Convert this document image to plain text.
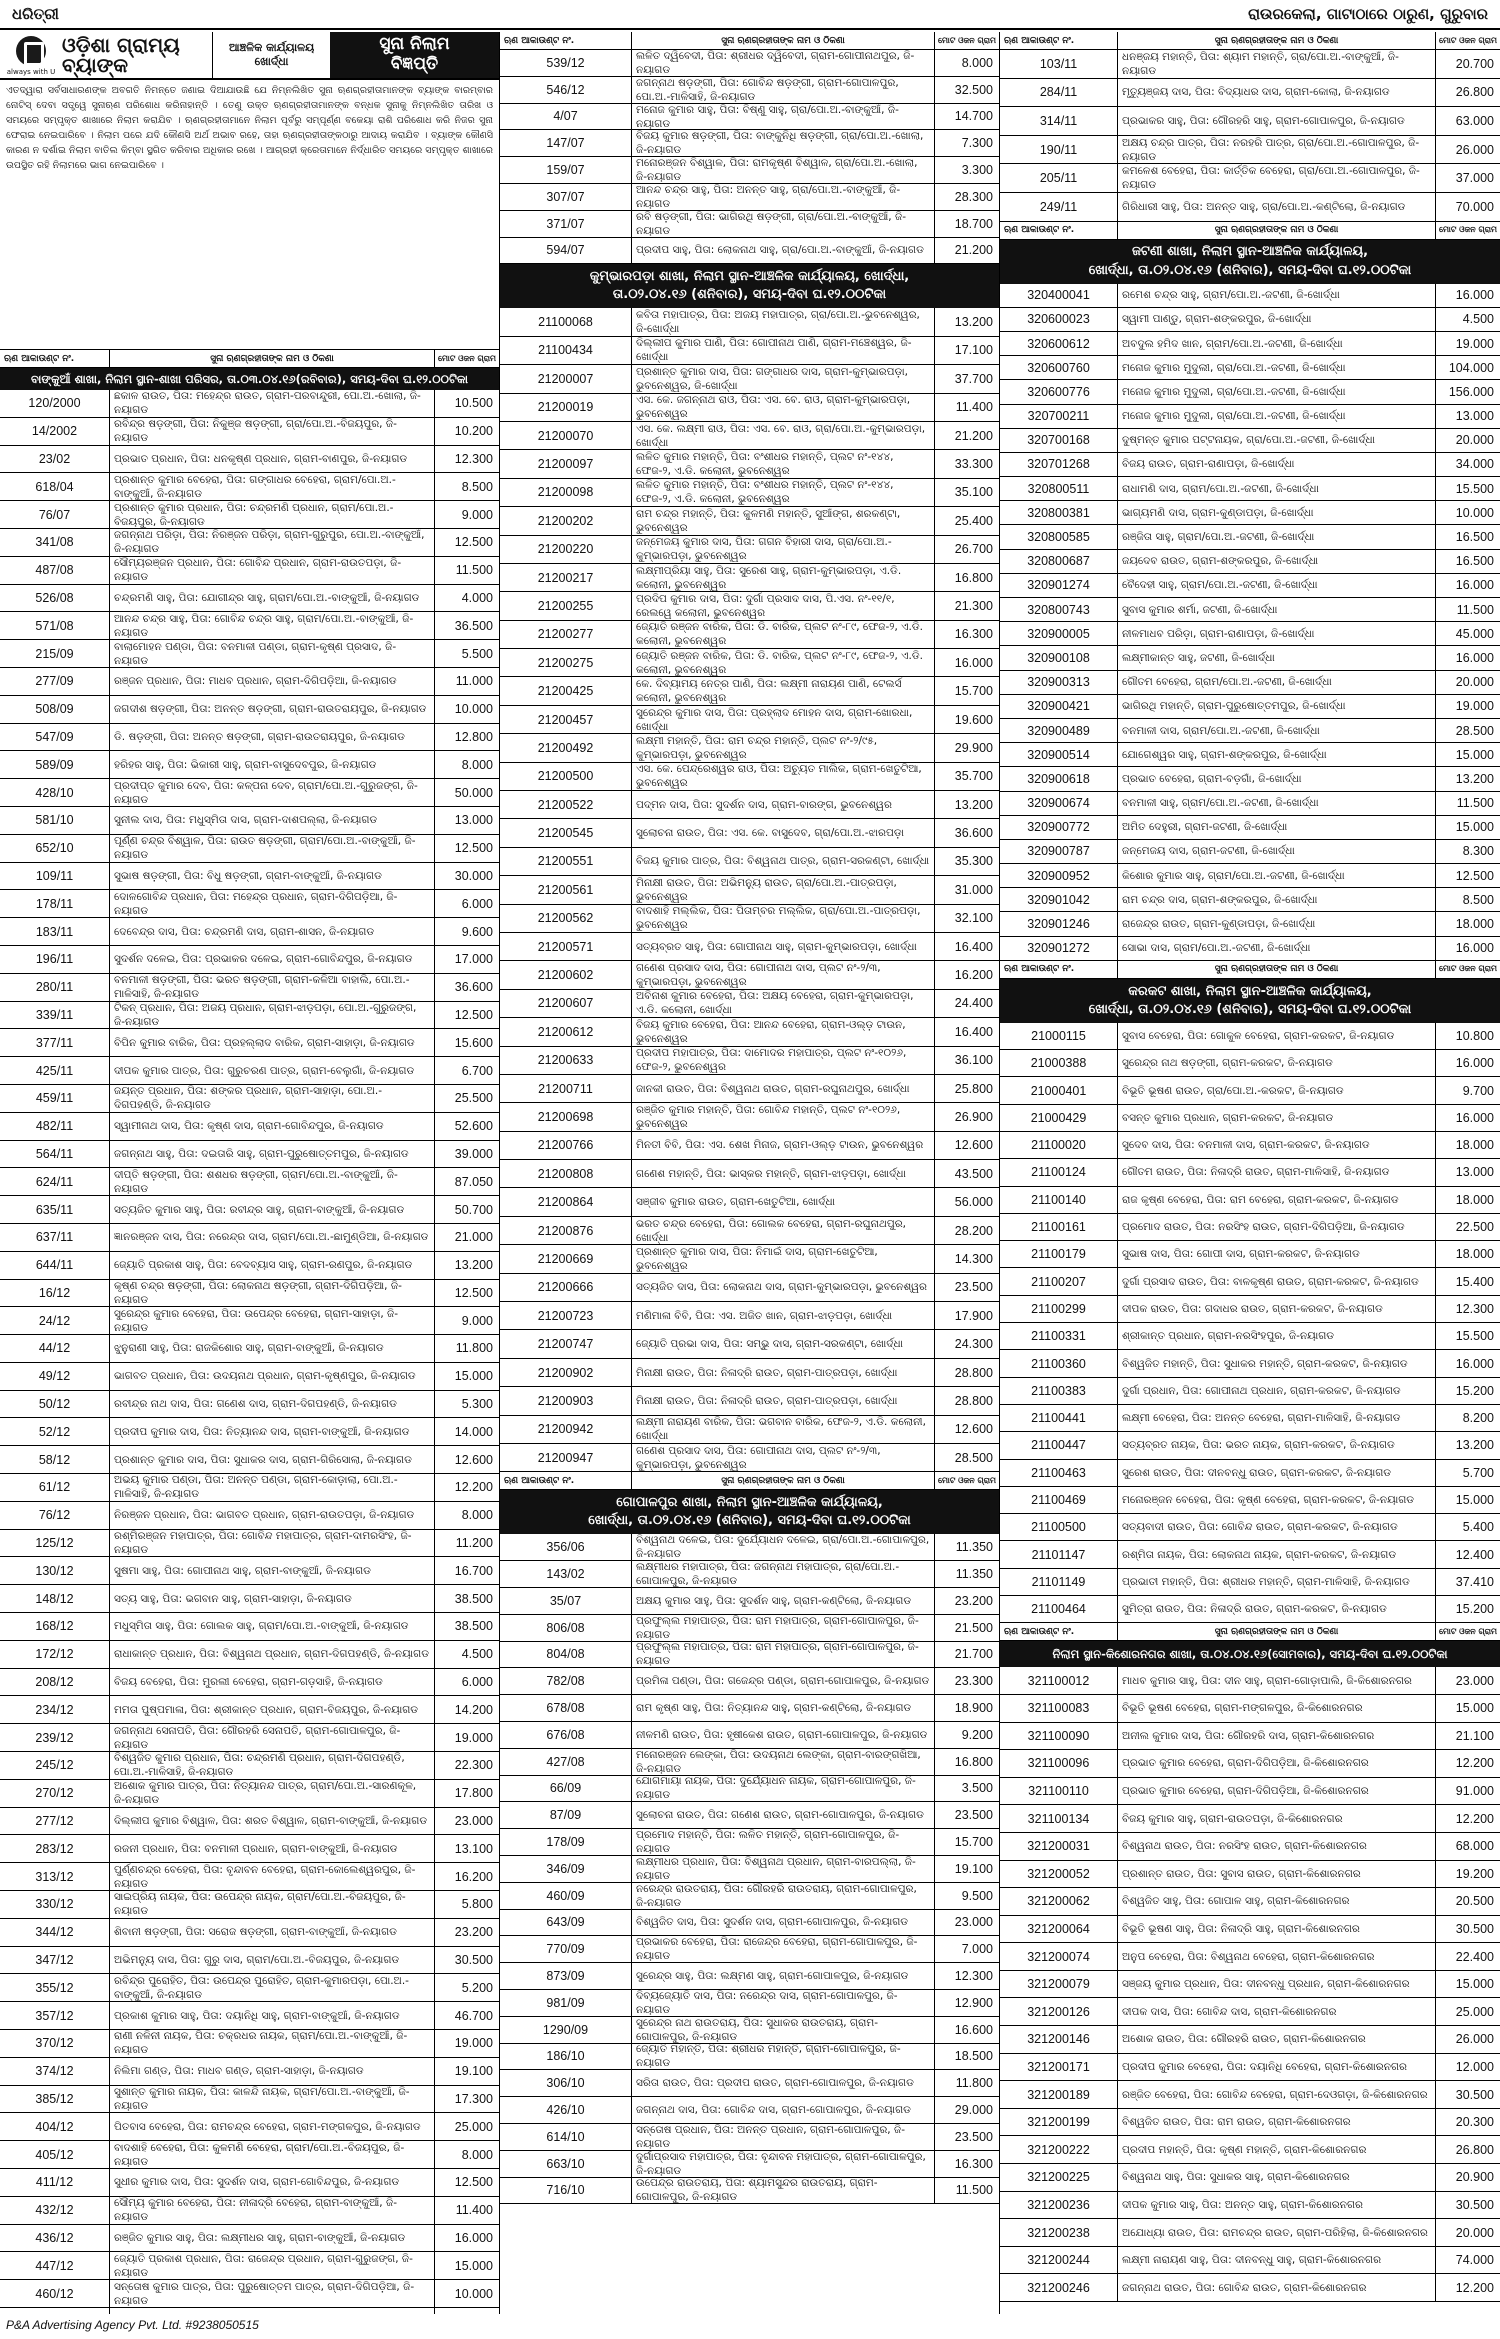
ଧରିତ୍ରୀ	ରାଉରକେଲା, ଗାଟାଠାରେ ଠାରୁଣ, ଗୁରୁବାର
always with U
ଓଡ଼ିଶା ଗ୍ରାମ୍ୟ ବ୍ୟାଙ୍କ
ଆଞ୍ଚଳିକ କାର୍ଯ୍ୟାଳୟ
ଖୋର୍ଦ୍ଧା
ସୁନା ନିଲାମ
ବିଜ୍ଞପ୍ତି
ଏତଦ୍ୱାରା ସର୍ବସାଧାରଣଙ୍କ ଅବଗତି ନିମନ୍ତେ ଜଣାଇ ଦିଆଯାଉଛି ଯେ ନିମ୍ନଲିଖିତ ସୁନା ଋଣଗ୍ରହୀତାମାନଙ୍କ ବ୍ୟାଙ୍କ ବାରମ୍ବାର ନୋଟିସ୍ ଦେବା ସତ୍ତ୍ୱେ ସୁନାଋଣ ପରିଶୋଧ କରିନାହାନ୍ତି । ତେଣୁ ଉକ୍ତ ଋଣଗ୍ରହୀତାମାନଙ୍କ ବନ୍ଧକ ସୁନାକୁ ନିମ୍ନଲିଖିତ ତାରିଖ ଓ ସମୟରେ ସମ୍ପୃକ୍ତ ଶାଖାରେ ନିଲାମ କରାଯିବ । ଋଣଗ୍ରହୀତାମାନେ ନିଲାମ ପୂର୍ବରୁ ସମ୍ପୂର୍ଣ୍ଣ ବକେୟା ରାଶି ପରିଶୋଧ କରି ନିଜର ସୁନା ଫେରାଇ ନେଇପାରିବେ । ନିଲାମ ପରେ ଯଦି କୌଣସି ଅର୍ଥ ଅଭାବ ରହେ, ତାହା ଋଣଗ୍ରହୀତାଙ୍କଠାରୁ ଆଦାୟ କରାଯିବ । ବ୍ୟାଙ୍କ କୌଣସି କାରଣ ନ ଦର୍ଶାଇ ନିଲାମ ବାତିଲ କିମ୍ବା ସ୍ଥଗିତ କରିବାର ଅଧିକାର ରଖେ । ଆଗ୍ରହୀ କ୍ରେତାମାନେ ନିର୍ଦ୍ଧାରିତ ସମୟରେ ସମ୍ପୃକ୍ତ ଶାଖାରେ ଉପସ୍ଥିତ ରହି ନିଲାମରେ ଭାଗ ନେଇପାରିବେ ।
ଋଣ ଆକାଉଣ୍ଟ ନଂ.	ସୁନା ଋଣଗ୍ରହୀତାଙ୍କ ନାମ ଓ ଠିକଣା	ମୋଟ ଓଜନ ଗ୍ରାମ
ବାଙ୍କୁଆଁ ଶାଖା, ନିଲାମ ସ୍ଥାନ-ଶାଖା ପରିସର, ତା.୦୩.୦୪.୧୬(ରବିବାର), ସମୟ-ଦିବା ଘ.୧୨.୦୦ଟିକା
120/2000	ଛକାଳ ରାଉତ, ପିତା: ମହେନ୍ଦ୍ର ରାଉତ, ଗ୍ରାମ-ପରବାନ୍ଦୁରୀ, ପୋ.ଅ.-ଖୋଲା, ଜି-ନୟାଗଡ
10.500
14/2002	ରବିନ୍ଦ୍ର ଷଡ଼ଙ୍ଗୀ, ପିତା: ନିକୁଞ୍ଜ ଷଡ଼ଙ୍ଗୀ, ଗ୍ରା/ପୋ.ଅ.-ବିଜୟପୁର, ଜି-ନୟାଗଡ
10.200
23/02	ପ୍ରଭାତ ପ୍ରଧାନ, ପିତା: ଧନକୃଷ୍ଣ ପ୍ରଧାନ, ଗ୍ରାମ-ବାଣପୁର, ଜି-ନୟାଗଡ	12.300
618/04	ପ୍ରଶାନ୍ତ କୁମାର ବେହେରା, ପିତା: ଗଙ୍ଗାଧର ବେହେରା, ଗ୍ରାମ/ପୋ.ଅ.-ବାଙ୍କୁଆଁ, ଜି-ନୟାଗଡ
8.500
76/07	ପ୍ରଶାନ୍ତ କୁମାର ପ୍ରଧାନ, ପିତା: ଚନ୍ଦ୍ରମଣି ପ୍ରଧାନ, ଗ୍ରାମ/ପୋ.ଅ.-ବିଜୟପୁର, ଜି-ନୟାଗଡ
9.000
341/08	ଜଗନ୍ନାଥ ପରିଡ଼ା, ପିତା: ନିରଞ୍ଜନ ପରିଡ଼ା, ଗ୍ରାମ-ଗୁରୁପୁର, ପୋ.ଅ.-ବାଙ୍କୁଆଁ, ଜି-ନୟାଗଡ
12.500
487/08	ସୌମ୍ୟରଞ୍ଜନ ପ୍ରଧାନ, ପିତା: ଗୋବିନ୍ଦ ପ୍ରଧାନ, ଗ୍ରାମ-ରାଉତପଡ଼ା, ଜି-ନୟାଗଡ
11.500
526/08	ଚନ୍ଦ୍ରମଣି ସାହୁ, ପିତା: ଯୋଗୀନ୍ଦ୍ର ସାହୁ, ଗ୍ରାମ/ପୋ.ଅ.-ବାଙ୍କୁଆଁ, ଜି-ନୟାଗଡ	4.000
571/08	ଆନନ୍ଦ ଚନ୍ଦ୍ର ସାହୁ, ପିତା: ଗୋବିନ୍ଦ ଚନ୍ଦ୍ର ସାହୁ, ଗ୍ରାମ/ପୋ.ଅ.-ବାଙ୍କୁଆଁ, ଜି-ନୟାଗଡ
36.500
215/09	ବାଲାମୋହନ ପଣ୍ଡା, ପିତା: ବନମାଳୀ ପଣ୍ଡା, ଗ୍ରାମ-କୃଷ୍ଣ ପ୍ରସାଦ, ଜି-ନୟାଗଡ
5.500
277/09	ରଞ୍ଜନ ପ୍ରଧାନ, ପିତା: ମାଧବ ପ୍ରଧାନ, ଗ୍ରାମ-ଦିଗିପଡ଼ିଆ, ଜି-ନୟାଗଡ	11.000
508/09	ଜଗଦୀଶ ଷଡ଼ଙ୍ଗୀ, ପିତା: ଅନନ୍ତ ଷଡ଼ଙ୍ଗୀ, ଗ୍ରାମ-ରାଉତରାୟପୁର, ଜି-ନୟାଗଡ	10.000
547/09	ଡି. ଷଡ଼ଙ୍ଗୀ, ପିତା: ଅନନ୍ତ ଷଡ଼ଙ୍ଗୀ, ଗ୍ରାମ-ରାଉତରାୟପୁର, ଜି-ନୟାଗଡ	12.800
589/09	ହରିହର ସାହୁ, ପିତା: ଭିକାରୀ ସାହୁ, ଗ୍ରାମ-ବାସୁଦେବପୁର, ଜି-ନୟାଗଡ	8.000
428/10	ପ୍ରଦୀପ୍ତ କୁମାର ଦେବ, ପିତା: କଳ୍ପନା ଦେବ, ଗ୍ରାମ/ପୋ.ଅ.-ଗୁରୁଜଙ୍ଗ, ଜି-ନୟାଗଡ
50.000
581/10	ସୁନୀଲ ଦାସ, ପିତା: ମଧୁସ୍ମିତା ଦାସ, ଗ୍ରାମ-ଦାଶପଲ୍ଲା, ଜି-ନୟାଗଡ	13.000
652/10	ପୂର୍ଣ୍ଣ ଚନ୍ଦ୍ର ବିଶ୍ୱାଳ, ପିତା: ରାଉତ ଷଡ଼ଙ୍ଗୀ, ଗ୍ରାମ/ପୋ.ଅ.-ବାଙ୍କୁଆଁ, ଜି-ନୟାଗଡ
12.500
109/11	ସୁଭାଷ ଷଡ଼ଙ୍ଗୀ, ପିତା: ବିଧୁ ଷଡ଼ଙ୍ଗୀ, ଗ୍ରାମ-ବାଙ୍କୁଆଁ, ଜି-ନୟାଗଡ	30.000
178/11	ଦୋଳଗୋବିନ୍ଦ ପ୍ରଧାନ, ପିତା: ମହେନ୍ଦ୍ର ପ୍ରଧାନ, ଗ୍ରାମ-ଦିଗିପଡ଼ିଆ, ଜି-ନୟାଗଡ
6.000
183/11	ଦେବେନ୍ଦ୍ର ଦାସ, ପିତା: ଚନ୍ଦ୍ରମଣି ଦାସ, ଗ୍ରାମ-ଶାସନ, ଜି-ନୟାଗଡ	9.600
196/11	ସୁଦର୍ଶନ ଦଳେଇ, ପିତା: ପ୍ରଭାକର ଦଳେଇ, ଗ୍ରାମ-ଗୋବିନ୍ଦପୁର, ଜି-ନୟାଗଡ	17.000
280/11	ବନମାଳୀ ଷଡ଼ଙ୍ଗୀ, ପିତା: ଭରତ ଷଡ଼ଙ୍ଗୀ, ଗ୍ରାମ-କଳିଆ ବାହାଲି, ପୋ.ଅ.-ମାଳିସାହି, ଜି-ନୟାଗଡ
36.600
339/11	ଟିକନ୍ ପ୍ରଧାନ, ପିତା: ଅଜୟ ପ୍ରଧାନ, ଗ୍ରାମ-ଝାଡ଼ପଡ଼ା, ପୋ.ଅ.-ଗୁରୁଜଙ୍ଗ, ଜି-ନୟାଗଡ
12.500
377/11	ବିପିନ କୁମାର ବାରିକ, ପିତା: ପ୍ରହଲ୍ଲାଦ ବାରିକ, ଗ୍ରାମ-ସାହାଡ଼ା, ଜି-ନୟାଗଡ	15.600
425/11	ଦୀପକ କୁମାର ପାତ୍ର, ପିତା: ଗୁରୁଚରଣ ପାତ୍ର, ଗ୍ରାମ-ବେଲୁଗାଁ, ଜି-ନୟାଗଡ	6.700
459/11	ଜୟନ୍ତ ପ୍ରଧାନ, ପିତା: ଶଙ୍କର ପ୍ରଧାନ, ଗ୍ରାମ-ସାହାଡ଼ା, ପୋ.ଅ.-ଦିଗପହଣ୍ଡି, ଜି-ନୟାଗଡ
25.500
482/11	ସ୍ୱାମୀନାଥ ଦାସ, ପିତା: କୃଷ୍ଣ ଦାସ, ଗ୍ରାମ-ଗୋବିନ୍ଦପୁର, ଜି-ନୟାଗଡ	52.600
564/11	ଜଗନ୍ନାଥ ସାହୁ, ପିତା: ଦଇତାରି ସାହୁ, ଗ୍ରାମ-ପୁରୁଷୋତ୍ତମପୁର, ଜି-ନୟାଗଡ	39.000
624/11	ଦୀପ୍ତି ଷଡ଼ଙ୍ଗୀ, ପିତା: ଶଶଧର ଷଡ଼ଙ୍ଗୀ, ଗ୍ରାମ/ପୋ.ଅ.-ବାଙ୍କୁଆଁ, ଜି-ନୟାଗଡ
87.050
635/11	ସତ୍ୟଜିତ କୁମାର ସାହୁ, ପିତା: ରବୀନ୍ଦ୍ର ସାହୁ, ଗ୍ରାମ-ବାଙ୍କୁଆଁ, ଜି-ନୟାଗଡ	50.700
637/11	ଜ୍ଞାନରଞ୍ଜନ ଦାସ, ପିତା: ନରେନ୍ଦ୍ର ଦାସ, ଗ୍ରାମ/ପୋ.ଅ.-ଛାମୁଣ୍ଡିଆ, ଜି-ନୟାଗଡ	21.000
644/11	ଜ୍ୟୋତି ପ୍ରକାଶ ସାହୁ, ପିତା: ବେଦବ୍ୟାସ ସାହୁ, ଗ୍ରାମ-ରଣପୁର, ଜି-ନୟାଗଡ	13.200
16/12	କୃଷ୍ଣ ଚନ୍ଦ୍ର ଷଡ଼ଙ୍ଗୀ, ପିତା: ଲୋକନାଥ ଷଡ଼ଙ୍ଗୀ, ଗ୍ରାମ-ଦିଗିପଡ଼ିଆ, ଜି-ନୟାଗଡ
12.500
24/12	ସୁରେନ୍ଦ୍ର କୁମାର ବେହେରା, ପିତା: ଉପେନ୍ଦ୍ର ବେହେରା, ଗ୍ରାମ-ସାହାଡ଼ା, ଜି-ନୟାଗଡ
9.000
44/12	ଝୁନୁରାଣୀ ସାହୁ, ପିତା: ରାଜକିଶୋର ସାହୁ, ଗ୍ରାମ-ବାଙ୍କୁଆଁ, ଜି-ନୟାଗଡ	11.800
49/12	ଭାଗବତ ପ୍ରଧାନ, ପିତା: ଉଦୟନାଥ ପ୍ରଧାନ, ଗ୍ରାମ-କୃଷ୍ଣପୁର, ଜି-ନୟାଗଡ	15.000
50/12	ରବୀନ୍ଦ୍ର ନାଥ ଦାସ, ପିତା: ଗଣେଶ ଦାସ, ଗ୍ରାମ-ଦିଗପହଣ୍ଡି, ଜି-ନୟାଗଡ	5.300
52/12	ପ୍ରଦୀପ କୁମାର ଦାସ, ପିତା: ନିତ୍ୟାନନ୍ଦ ଦାସ, ଗ୍ରାମ-ବାଙ୍କୁଆଁ, ଜି-ନୟାଗଡ	14.000
58/12	ପ୍ରଶାନ୍ତ କୁମାର ଦାସ, ପିତା: ସୁଧାକର ଦାସ, ଗ୍ରାମ-ଗିରିସୋଲା, ଜି-ନୟାଗଡ	12.600
61/12	ଅଭୟ କୁମାର ପଣ୍ଡା, ପିତା: ଅନନ୍ତ ପଣ୍ଡା, ଗ୍ରାମ-କୋଡ଼ାଲା, ପୋ.ଅ.-ମାଳିସାହି, ଜି-ନୟାଗଡ
12.200
76/12	ନିରଞ୍ଜନ ପ୍ରଧାନ, ପିତା: ଭାଗବତ ପ୍ରଧାନ, ଗ୍ରାମ-ରାଉତପଡ଼ା, ଜି-ନୟାଗଡ	8.000
125/12	ରଶ୍ମିରଞ୍ଜନ ମହାପାତ୍ର, ପିତା: ଗୋବିନ୍ଦ ମହାପାତ୍ର, ଗ୍ରାମ-ଦାମରସିଂହ, ଜି-ନୟାଗଡ
11.200
130/12	ସୁଷମା ସାହୁ, ପିତା: ଗୋପୀନାଥ ସାହୁ, ଗ୍ରାମ-ବାଙ୍କୁଆଁ, ଜି-ନୟାଗଡ	16.700
148/12	ସତ୍ୟ ସାହୁ, ପିତା: ଭଗବାନ ସାହୁ, ଗ୍ରାମ-ସାହାଡ଼ା, ଜି-ନୟାଗଡ	38.500
168/12	ମଧୁସ୍ମିତା ସାହୁ, ପିତା: ଗୋଲକ ସାହୁ, ଗ୍ରାମ/ପୋ.ଅ.-ବାଙ୍କୁଆଁ, ଜି-ନୟାଗଡ	38.500
172/12	ରାଧାକାନ୍ତ ପ୍ରଧାନ, ପିତା: ବିଶ୍ୱନାଥ ପ୍ରଧାନ, ଗ୍ରାମ-ଦିଗପହଣ୍ଡି, ଜି-ନୟାଗଡ	4.500
208/12	ବିଜୟ ବେହେରା, ପିତା: ମୁରଲୀ ବେହେରା, ଗ୍ରାମ-ଗଡ଼ସାହି, ଜି-ନୟାଗଡ	6.000
234/12	ମମତା ପୁଷ୍ପମାଳା, ପିତା: ଶ୍ରୀକାନ୍ତ ପ୍ରଧାନ, ଗ୍ରାମ-ବିଜୟପୁର, ଜି-ନୟାଗଡ	14.200
239/12	ଜଗନ୍ନାଥ ସେନାପତି, ପିତା: ଗୌରହରି ସେନାପତି, ଗ୍ରାମ-ଗୋପାଳପୁର, ଜି-ନୟାଗଡ
19.000
245/12	ବିଶ୍ୱଜିତ କୁମାର ପ୍ରଧାନ, ପିତା: ଚନ୍ଦ୍ରମଣି ପ୍ରଧାନ, ଗ୍ରାମ-ଦିଗପହଣ୍ଡି, ପୋ.ଅ.-ମାଳିସାହି, ଜି-ନୟାଗଡ
22.300
270/12	ଅଶୋକ କୁମାର ପାତ୍ର, ପିତା: ନିତ୍ୟାନନ୍ଦ ପାତ୍ର, ଗ୍ରାମ/ପୋ.ଅ.-ସାରଣକୂଳ, ଜି-ନୟାଗଡ
17.800
277/12	ଦିଲ୍ଲୀପ କୁମାର ବିଶ୍ୱାଳ, ପିତା: ଶରତ ବିଶ୍ୱାଳ, ଗ୍ରାମ-ବାଙ୍କୁଆଁ, ଜି-ନୟାଗଡ	23.000
283/12	ରଜନୀ ପ୍ରଧାନ, ପିତା: ବନମାଳୀ ପ୍ରଧାନ, ଗ୍ରାମ-ବାଙ୍କୁଆଁ, ଜି-ନୟାଗଡ	13.100
313/12	ପୁର୍ଣ୍ଣଚନ୍ଦ୍ର ବେହେରା, ପିତା: ବୃନ୍ଦାବନ ବେହେରା, ଗ୍ରାମ-କୋଲେଶ୍ୱରପୁର, ଜି-ନୟାଗଡ
16.200
330/12	ସାଇପ୍ରିୟ ନାୟକ, ପିତା: ଉପେନ୍ଦ୍ର ନାୟକ, ଗ୍ରାମ/ପୋ.ଅ.-ବିଜୟପୁର, ଜି-ନୟାଗଡ
5.800
344/12	ଶିବାନୀ ଷଡ଼ଙ୍ଗୀ, ପିତା: ସରୋଜ ଷଡ଼ଙ୍ଗୀ, ଗ୍ରାମ-ବାଙ୍କୁଆଁ, ଜି-ନୟାଗଡ	23.200
347/12	ଅଭିମନ୍ୟୁ ଦାସ, ପିତା: ଗୁରୁ ଦାସ, ଗ୍ରାମ/ପୋ.ଅ.-ବିଜୟପୁର, ଜି-ନୟାଗଡ	30.500
355/12	ରବିନ୍ଦ୍ର ପୁରୋହିତ, ପିତା: ଉପେନ୍ଦ୍ର ପୁରୋହିତ, ଗ୍ରାମ-କୁମାରପଡ଼ା, ପୋ.ଅ.-ବାଙ୍କୁଆଁ, ଜି-ନୟାଗଡ
5.200
357/12	ପ୍ରକାଶ କୁମାର ସାହୁ, ପିତା: ଦୟାନିଧି ସାହୁ, ଗ୍ରାମ-ବାଙ୍କୁଆଁ, ଜି-ନୟାଗଡ	46.700
370/12	ରାଣୀ ନଳିନୀ ନାୟକ, ପିତା: ଚକ୍ରଧର ନାୟକ, ଗ୍ରାମ/ପୋ.ଅ.-ବାଙ୍କୁଆଁ, ଜି-ନୟାଗଡ
19.000
374/12	ନିଲିମା ଗଣ୍ଡ, ପିତା: ମାଧବ ଗଣ୍ଡ, ଗ୍ରାମ-ସାହାଡ଼ା, ଜି-ନୟାଗଡ	19.100
385/12	ସୁଶାନ୍ତ କୁମାର ନାୟକ, ପିତା: କାଳନ୍ଦି ନାୟକ, ଗ୍ରାମ/ପୋ.ଅ.-ବାଙ୍କୁଆଁ, ଜି-ନୟାଗଡ
17.300
404/12	ପିତବାସ ବେହେରା, ପିତା: ରାମଚନ୍ଦ୍ର ବେହେରା, ଗ୍ରାମ-ମଙ୍ଗଳପୁର, ଜି-ନୟାଗଡ	25.000
405/12	ବାଦଶାହି ବେହେରା, ପିତା: କୁଳମଣି ବେହେରା, ଗ୍ରାମ/ପୋ.ଅ.-ବିଜୟପୁର, ଜି-ନୟାଗଡ
8.000
411/12	ସୁଧୀର କୁମାର ଦାସ, ପିତା: ସୁଦର୍ଶନ ଦାସ, ଗ୍ରାମ-ଗୋବିନ୍ଦପୁର, ଜି-ନୟାଗଡ	12.500
432/12	ସୌମ୍ୟ କୁମାର ବେହେରା, ପିତା: ନୀଳାଦ୍ରି ବେହେରା, ଗ୍ରାମ-ବାଙ୍କୁଆଁ, ଜି-ନୟାଗଡ
11.400
436/12	ରଞ୍ଜିତ କୁମାର ସାହୁ, ପିତା: ଲକ୍ଷ୍ମୀଧର ସାହୁ, ଗ୍ରାମ-ବାଙ୍କୁଆଁ, ଜି-ନୟାଗଡ	16.000
447/12	ଜ୍ୟୋତି ପ୍ରକାଶ ପ୍ରଧାନ, ପିତା: ରାଜେନ୍ଦ୍ର ପ୍ରଧାନ, ଗ୍ରାମ-ଗୁରୁଜଙ୍ଗ, ଜି-ନୟାଗଡ
15.000
460/12	ସନ୍ତୋଷ କୁମାର ପାତ୍ର, ପିତା: ପୁରୁଷୋତ୍ତମ ପାତ୍ର, ଗ୍ରାମ-ଦିଗିପଡ଼ିଆ, ଜି-ନୟାଗଡ
10.000
ଋଣ ଆକାଉଣ୍ଟ ନଂ.	ସୁନା ଋଣଗ୍ରହୀତାଙ୍କ ନାମ ଓ ଠିକଣା	ମୋଟ ଓଜନ ଗ୍ରାମ
539/12	ଲଳିତ ଦ୍ୱିବେଦୀ, ପିତା: ଶ୍ରୀଧର ଦ୍ୱିବେଦୀ, ଗ୍ରାମ-ଗୋପୀନାଥପୁର, ଜି-ନୟାଗଡ
8.000
546/12	ଜଗନ୍ନାଥ ଷଡ଼ଙ୍ଗୀ, ପିତା: ଗୋବିନ୍ଦ ଷଡ଼ଙ୍ଗୀ, ଗ୍ରାମ-ଗୋପାଳପୁର, ପୋ.ଅ.-ମାଳିସାହି, ଜି-ନୟାଗଡ
32.500
4/07	ମନୋଜ କୁମାର ସାହୁ, ପିତା: ବିଷ୍ଣୁ ସାହୁ, ଗ୍ରା/ପୋ.ଅ.-ବାଙ୍କୁଆଁ, ଜି-ନୟାଗଡ
14.700
147/07	ବିଜୟ କୁମାର ଷଡ଼ଙ୍ଗୀ, ପିତା: ବାଙ୍କୁନିଧି ଷଡ଼ଙ୍ଗୀ, ଗ୍ରା/ପୋ.ଅ.-ଖୋଲା, ଜି-ନୟାଗଡ
7.300
159/07	ମନୋରଞ୍ଜନ ବିଶ୍ୱାଳ, ପିତା: ରାମକୃଷ୍ଣ ବିଶ୍ୱାଳ, ଗ୍ରା/ପୋ.ଅ.-ଖୋଲା, ଜି-ନୟାଗଡ
3.300
307/07	ଆନନ୍ଦ ଚନ୍ଦ୍ର ସାହୁ, ପିତା: ଅନନ୍ତ ସାହୁ, ଗ୍ରା/ପୋ.ଅ.-ବାଙ୍କୁଆଁ, ଜି-ନୟାଗଡ
28.300
371/07	ରବି ଷଡ଼ଙ୍ଗୀ, ପିତା: ଭାଗିରଥି ଷଡ଼ଙ୍ଗୀ, ଗ୍ରା/ପୋ.ଅ.-ବାଙ୍କୁଆଁ, ଜି-ନୟାଗଡ
18.700
594/07	ପ୍ରଦୀପ ସାହୁ, ପିତା: ଲୋକନାଥ ସାହୁ, ଗ୍ରା/ପୋ.ଅ.-ବାଙ୍କୁଆଁ, ଜି-ନୟାଗଡ	21.200
କୁମ୍ଭାରପଡ଼ା ଶାଖା, ନିଲାମ ସ୍ଥାନ-ଆଞ୍ଚଳିକ କାର୍ଯ୍ୟାଳୟ, ଖୋର୍ଦ୍ଧା,
ତା.୦୨.୦୪.୧୬ (ଶନିବାର), ସମୟ-ଦିବା ଘ.୧୨.୦୦ଟିକା
21100068	କବିତା ମହାପାତ୍ର, ପିତା: ଅଜୟ ମହାପାତ୍ର, ଗ୍ରା/ପୋ.ଅ.-ଭୁବନେଶ୍ୱର, ଜି-ଖୋର୍ଦ୍ଧା
13.200
21100434	ଦିଲ୍ଲୀପ କୁମାର ପାଣି, ପିତା: ଗୋପୀନାଥ ପାଣି, ଗ୍ରାମ-ମଞ୍ଚେଶ୍ୱର, ଜି-ଖୋର୍ଦ୍ଧା
17.100
21200007	ପ୍ରଶାନ୍ତ କୁମାର ଦାସ, ପିତା: ଗଙ୍ଗାଧର ଦାସ, ଗ୍ରାମ-କୁମ୍ଭାରପଡ଼ା, ଭୁବନେଶ୍ୱର, ଜି-ଖୋର୍ଦ୍ଧା
37.700
21200019	ଏସ. କେ. ଜଗନ୍ନାଥ ରାଓ, ପିତା: ଏସ. ବେ. ରାଓ, ଗ୍ରାମ-କୁମ୍ଭାରପଡ଼ା, ଭୁବନେଶ୍ୱର
11.400
21200070	ଏସ. କେ. ଲକ୍ଷ୍ମୀ ରାଓ, ପିତା: ଏସ. ବେ. ରାଓ, ଗ୍ରା/ପୋ.ଅ.-କୁମ୍ଭାରପଡ଼ା, ଖୋର୍ଦ୍ଧା
21.200
21200097	ଲଳିତ କୁମାର ମହାନ୍ତି, ପିତା: ବଂଶୀଧର ମହାନ୍ତି, ପ୍ଲଟ ନଂ-୧୪୪, ଫେଜ-୨, ଏ.ଡି. କଲୋନୀ, ଭୁବନେଶ୍ୱର
33.300
21200098	ଲଳିତ କୁମାର ମହାନ୍ତି, ପିତା: ବଂଶୀଧର ମହାନ୍ତି, ପ୍ଲଟ ନଂ-୧୪୪, ଫେଜ-୨, ଏ.ଡି. କଲୋନୀ, ଭୁବନେଶ୍ୱର
35.100
21200202	ରାମ ଚନ୍ଦ୍ର ମହାନ୍ତି, ପିତା: କୁଳମଣି ମହାନ୍ତି, ସୁଆଁଙ୍ଗ, ଶରକଣ୍ଟା, ଭୁବନେଶ୍ୱର
25.400
21200220	ଜନ୍ମେଜୟ କୁମାର ଦାସ, ପିତା: ଗଗନ ବିହାରୀ ଦାସ, ଗ୍ରା/ପୋ.ଅ.-କୁମ୍ଭାରପଡ଼ା, ଭୁବନେଶ୍ୱର
26.700
21200217	ଲକ୍ଷ୍ମୀପ୍ରିୟା ସାହୁ, ପିତା: ସୁରେଶ ସାହୁ, ଗ୍ରାମ-କୁମ୍ଭାରପଡ଼ା, ଏ.ଡି. କଲୋନୀ, ଭୁବନେଶ୍ୱର
16.800
21200255	ପ୍ରଦିପ କୁମାର ଦାସ, ପିତା: ଦୁର୍ଗା ପ୍ରସାଦ ଦାସ, ପି.ଏସ. ନଂ-୧୧/୧, ରେଲୱେ କଲୋନୀ, ଭୁବନେଶ୍ୱର
21.300
21200277	ଜ୍ୟୋତି ରଞ୍ଜନ ବାରିକ, ପିତା: ଡି. ବାରିକ, ପ୍ଲଟ ନଂ-୮୯, ଫେଜ-୨, ଏ.ଡି. କଲୋନୀ, ଭୁବନେଶ୍ୱର
16.300
21200275	ଜ୍ୟୋତି ରଞ୍ଜନ ବାରିକ, ପିତା: ଡି. ବାରିକ, ପ୍ଲଟ ନଂ-୮୯, ଫେଜ-୨, ଏ.ଡି. କଲୋନୀ, ଭୁବନେଶ୍ୱର
16.000
21200425	କେ. ଦିବ୍ୟାମୟ ନେତ୍ର ପାଣି, ପିତା: ଲକ୍ଷ୍ମୀ ନାରାୟଣ ପାଣି, ଟେଲର୍ସ କଲୋନୀ, ଭୁବନେଶ୍ୱର
15.700
21200457	ସୁରେନ୍ଦ୍ର କୁମାର ଦାସ, ପିତା: ପ୍ରହ୍ଲାଦ ମୋହନ ଦାସ, ଗ୍ରାମ-ଖୋରଧା, ଖୋର୍ଦ୍ଧା
19.600
21200492	ଲକ୍ଷ୍ମୀ ମହାନ୍ତି, ପିତା: ରାମ ଚନ୍ଦ୍ର ମହାନ୍ତି, ପ୍ଲଟ ନଂ-୨/୯୫, କୁମ୍ଭାରପଡ଼ା, ଭୁବନେଶ୍ୱର
29.900
21200500	ଏସ. କେ. ପେନ୍ଦ୍ରେଶ୍ୱର ରାଓ, ପିତା: ଅଚ୍ୟୁତ ମାଲିକ, ଗ୍ରାମ-ଖେତୁଟିଆ, ଭୁବନେଶ୍ୱର
35.700
21200522	ପଦ୍ମନ ଦାସ, ପିତା: ସୁଦର୍ଶନ ଦାସ, ଗ୍ରାମ-ବାରଙ୍ଗ, ଭୁବନେଶ୍ୱର	13.200
21200545	ସୁଲୋଚନା ରାଉତ, ପିତା: ଏସ. କେ. ବାସୁଦେବ, ଗ୍ରା/ପୋ.ଅ.-ଝାରପଡ଼ା	36.600
21200551	ବିଜୟ କୁମାର ପାତ୍ର, ପିତା: ବିଶ୍ୱନାଥ ପାତ୍ର, ଗ୍ରାମ-ସରକଣ୍ଟା, ଖୋର୍ଦ୍ଧା	35.300
21200561	ମିନାକ୍ଷୀ ରାଉତ, ପିତା: ଅଭିମନ୍ୟୁ ରାଉତ, ଗ୍ରା/ପୋ.ଅ.-ପାତ୍ରପଡ଼ା, ଭୁବନେଶ୍ୱର
31.000
21200562	ବାଦଶାହି ମଲ୍ଲିକ, ପିତା: ପିତାମ୍ବର ମଲ୍ଲିକ, ଗ୍ରା/ପୋ.ଅ.-ପାତ୍ରପଡ଼ା, ଭୁବନେଶ୍ୱର
32.100
21200571	ସତ୍ୟବ୍ରତ ସାହୁ, ପିତା: ଗୋପୀନାଥ ସାହୁ, ଗ୍ରାମ-କୁମ୍ଭାରପଡ଼ା, ଖୋର୍ଦ୍ଧା	16.400
21200602	ଗଣେଶ ପ୍ରସାଦ ଦାସ, ପିତା: ଗୋପୀନାଥ ଦାସ, ପ୍ଲଟ ନଂ-୨/୩, କୁମ୍ଭାରପଡ଼ା, ଭୁବନେଶ୍ୱର
16.200
21200607	ଅବିନାଶ କୁମାର ବେହେରା, ପିତା: ଅକ୍ଷୟ ବେହେରା, ଗ୍ରାମ-କୁମ୍ଭାରପଡ଼ା, ଏ.ଡି. କଲୋନୀ, ଖୋର୍ଦ୍ଧା
24.400
21200612	ବିଜୟ କୁମାର ବେହେରା, ପିତା: ଆନନ୍ଦ ବେହେରା, ଗ୍ରାମ-ଓଲ୍ଡ଼ ଟାଉନ, ଭୁବନେଶ୍ୱର
16.400
21200633	ପ୍ରଦୀପ ମହାପାତ୍ର, ପିତା: ଦାମୋଦର ମହାପାତ୍ର, ପ୍ଲଟ ନଂ-୧୦୨୬, ଫେଜ-୨, ଭୁବନେଶ୍ୱର
36.100
21200711	ଜାନକୀ ରାଉତ, ପିତା: ବିଶ୍ୱନାଥ ରାଉତ, ଗ୍ରାମ-ରଘୁନାଥପୁର, ଖୋର୍ଦ୍ଧା	25.800
21200698	ରଞ୍ଜିତ କୁମାର ମହାନ୍ତି, ପିତା: ଗୋବିନ୍ଦ ମହାନ୍ତି, ପ୍ଲଟ ନଂ-୧୦୨୬, ଭୁବନେଶ୍ୱର
26.900
21200766	ମିନତୀ ବିବି, ପିତା: ଏସ. ଶେଖ ମିନାଜ, ଗ୍ରାମ-ଓଲ୍ଡ଼ ଟାଉନ, ଭୁବନେଶ୍ୱର	12.600
21200808	ଗଣେଶ ମହାନ୍ତି, ପିତା: ଭାସ୍କର ମହାନ୍ତି, ଗ୍ରାମ-ଝାଡ଼ପଡ଼ା, ଖୋର୍ଦ୍ଧା	43.500
21200864	ସଞ୍ଜୀବ କୁମାର ରାଉତ, ଗ୍ରାମ-ଖେତୁଟିଆ, ଖୋର୍ଦ୍ଧା	56.000
21200876	ଭରତ ଚନ୍ଦ୍ର ବେହେରା, ପିତା: ଗୋଲକ ବେହେରା, ଗ୍ରାମ-ରଘୁନାଥପୁର, ଖୋର୍ଦ୍ଧା
28.200
21200669	ପ୍ରଶାନ୍ତ କୁମାର ଦାସ, ପିତା: ନିମାଇଁ ଦାସ, ଗ୍ରାମ-ଖେତୁଟିଆ, ଭୁବନେଶ୍ୱର
14.300
21200666	ସତ୍ୟଜିତ ଦାସ, ପିତା: ଲୋକନାଥ ଦାସ, ଗ୍ରାମ-କୁମ୍ଭାରପଡ଼ା, ଭୁବନେଶ୍ୱର	23.500
21200723	ମଣିମାଳା ବିବି, ପିତା: ଏସ. ଅଜିତ ଖାନ, ଗ୍ରାମ-ଝାଡ଼ପଡ଼ା, ଖୋର୍ଦ୍ଧା	17.900
21200747	ଜ୍ୟୋତି ପ୍ରଭା ଦାସ, ପିତା: ସମ୍ଭୁ ଦାସ, ଗ୍ରାମ-ସରକଣ୍ଟା, ଖୋର୍ଦ୍ଧା	24.300
21200902	ମିନାକ୍ଷୀ ରାଉତ, ପିତା: ନିଳାଦ୍ରି ରାଉତ, ଗ୍ରାମ-ପାତ୍ରପଡ଼ା, ଖୋର୍ଦ୍ଧା	28.800
21200903	ମିନାକ୍ଷୀ ରାଉତ, ପିତା: ନିଳାଦ୍ରି ରାଉତ, ଗ୍ରାମ-ପାତ୍ରପଡ଼ା, ଖୋର୍ଦ୍ଧା	28.800
21200942	ଲକ୍ଷ୍ମୀ ନାରାୟଣ ବାରିକ, ପିତା: ଭଗବାନ ବାରିକ, ଫେଜ-୨, ଏ.ଡି. କଲୋନୀ, ଖୋର୍ଦ୍ଧା
12.600
21200947	ଗଣେଶ ପ୍ରସାଦ ଦାସ, ପିତା: ଗୋପୀନାଥ ଦାସ, ପ୍ଲଟ ନଂ-୨/୩, କୁମ୍ଭାରପଡ଼ା, ଭୁବନେଶ୍ୱର
28.500
ଋଣ ଆକାଉଣ୍ଟ ନଂ.	ସୁନା ଋଣଗ୍ରହୀତାଙ୍କ ନାମ ଓ ଠିକଣା	ମୋଟ ଓଜନ ଗ୍ରାମ
ଗୋପାଳପୁର ଶାଖା, ନିଲାମ ସ୍ଥାନ-ଆଞ୍ଚଳିକ କାର୍ଯ୍ୟାଳୟ,
ଖୋର୍ଦ୍ଧା, ତା.୦୨.୦୪.୧୬ (ଶନିବାର), ସମୟ-ଦିବା ଘ.୧୨.୦୦ଟିକା
356/06	ବିଶ୍ୱନାଥ ଦଳେଇ, ପିତା: ଦୁର୍ଯ୍ୟୋଧନ ଦଳେଇ, ଗ୍ରା/ପୋ.ଅ.-ଗୋପାଳପୁର, ଜି-ନୟାଗଡ
11.350
143/02	ଲକ୍ଷ୍ମୀଧର ମହାପାତ୍ର, ପିତା: ଜଗନ୍ନାଥ ମହାପାତ୍ର, ଗ୍ରା/ପୋ.ଅ.-ଗୋପାଳପୁର, ଜି-ନୟାଗଡ
11.350
35/07	ଅକ୍ଷୟ କୁମାର ସାହୁ, ପିତା: ସୁଦର୍ଶନ ସାହୁ, ଗ୍ରାମ-କଣ୍ଟିଲୋ, ଜି-ନୟାଗଡ	23.200
806/08	ପ୍ରଫୁଲ୍ଲ ମହାପାତ୍ର, ପିତା: ରାମ ମହାପାତ୍ର, ଗ୍ରାମ-ଗୋପାଳପୁର, ଜି-ନୟାଗଡ
21.500
804/08	ପ୍ରଫୁଲ୍ଲ ମହାପାତ୍ର, ପିତା: ରାମ ମହାପାତ୍ର, ଗ୍ରାମ-ଗୋପାଳପୁର, ଜି-ନୟାଗଡ
21.700
782/08	ପ୍ରମିଳା ପଣ୍ଡା, ପିତା: ଗଜେନ୍ଦ୍ର ପଣ୍ଡା, ଗ୍ରାମ-ଗୋପାଳପୁର, ଜି-ନୟାଗଡ	23.300
678/08	ରାମ କୃଷ୍ଣ ସାହୁ, ପିତା: ନିତ୍ୟାନନ୍ଦ ସାହୁ, ଗ୍ରାମ-କଣ୍ଟିଲୋ, ଜି-ନୟାଗଡ	18.900
676/08	ନୀଳମଣି ରାଉତ, ପିତା: ହୃଷୀକେଶ ରାଉତ, ଗ୍ରାମ-ଗୋପାଳପୁର, ଜି-ନୟାଗଡ	9.200
427/08	ମନୋରଞ୍ଜନ ଲେଙ୍କା, ପିତା: ଉଦୟନାଥ ଲେଙ୍କା, ଗ୍ରାମ-ବାରଙ୍ଗଖିଆ, ଜି-ନୟାଗଡ
16.800
66/09	ଯୋଗମାୟା ନାୟକ, ପିତା: ଦୁର୍ଯ୍ୟୋଧନ ନାୟକ, ଗ୍ରାମ-ଗୋପାଳପୁର, ଜି-ନୟାଗଡ
3.500
87/09	ସୁଲୋଚନା ରାଉତ, ପିତା: ଗଣେଶ ରାଉତ, ଗ୍ରାମ-ଗୋପାଳପୁର, ଜି-ନୟାଗଡ	23.500
178/09	ପ୍ରମୋଦ ମହାନ୍ତି, ପିତା: ଲଳିତ ମହାନ୍ତି, ଗ୍ରାମ-ଗୋପାଳପୁର, ଜି-ନୟାଗଡ
15.700
346/09	ଲକ୍ଷ୍ମୀଧର ପ୍ରଧାନ, ପିତା: ବିଶ୍ୱନାଥ ପ୍ରଧାନ, ଗ୍ରାମ-ବାରପଲ୍ଲା, ଜି-ନୟାଗଡ
19.100
460/09	ନରେନ୍ଦ୍ର ରାଉତରାୟ, ପିତା: ଗୌରହରି ରାଉତରାୟ, ଗ୍ରାମ-ଗୋପାଳପୁର, ଜି-ନୟାଗଡ
9.500
643/09	ବିଶ୍ୱଜିତ ଦାସ, ପିତା: ସୁଦର୍ଶନ ଦାସ, ଗ୍ରାମ-ଗୋପାଳପୁର, ଜି-ନୟାଗଡ	23.000
770/09	ପ୍ରଭାକର ବେହେରା, ପିତା: ରାଜେନ୍ଦ୍ର ବେହେରା, ଗ୍ରାମ-ଗୋପାଳପୁର, ଜି-ନୟାଗଡ
7.000
873/09	ସୁରେନ୍ଦ୍ର ସାହୁ, ପିତା: ଲକ୍ଷ୍ମଣ ସାହୁ, ଗ୍ରାମ-ଗୋପାଳପୁର, ଜି-ନୟାଗଡ	12.300
981/09	ଦିବ୍ୟଜ୍ୟୋତି ଦାସ, ପିତା: ନରେନ୍ଦ୍ର ଦାସ, ଗ୍ରାମ-ଗୋପାଳପୁର, ଜି-ନୟାଗଡ
12.900
1290/09	ସୁରେନ୍ଦ୍ର ନାଥ ରାଉତରାୟ, ପିତା: ସୁଧାକର ରାଉତରାୟ, ଗ୍ରାମ-ଗୋପାଳପୁର, ଜି-ନୟାଗଡ
16.600
186/10	ଜ୍ୟୋତି ମହାନ୍ତି, ପିତା: ଶ୍ରୀଧର ମହାନ୍ତି, ଗ୍ରାମ-ଗୋପାଳପୁର, ଜି-ନୟାଗଡ
18.500
306/10	ସରିତା ରାଉତ, ପିତା: ପ୍ରଦୀପ ରାଉତ, ଗ୍ରାମ-ଗୋପାଳପୁର, ଜି-ନୟାଗଡ	11.800
426/10	ଜଗନ୍ନାଥ ଦାସ, ପିତା: ଗୋବିନ୍ଦ ଦାସ, ଗ୍ରାମ-ଗୋପାଳପୁର, ଜି-ନୟାଗଡ	29.000
614/10	ସନ୍ତୋଷ ପ୍ରଧାନ, ପିତା: ଅନନ୍ତ ପ୍ରଧାନ, ଗ୍ରାମ-ଗୋପାଳପୁର, ଜି-ନୟାଗଡ
23.500
663/10	ଦୁର୍ଗାପ୍ରସାଦ ମହାପାତ୍ର, ପିତା: ବୃନ୍ଦାବନ ମହାପାତ୍ର, ଗ୍ରାମ-ଗୋପାଳପୁର, ଜି-ନୟାଗଡ
16.300
716/10	ଉପେନ୍ଦ୍ର ରାଉତରାୟ, ପିତା: ଶ୍ୟାମସୁନ୍ଦର ରାଉତରାୟ, ଗ୍ରାମ-ଗୋପାଳପୁର, ଜି-ନୟାଗଡ
11.500
ଋଣ ଆକାଉଣ୍ଟ ନଂ.	ସୁନା ଋଣଗ୍ରହୀତାଙ୍କ ନାମ ଓ ଠିକଣା	ମୋଟ ଓଜନ ଗ୍ରାମ
103/11	ଧନଞ୍ଜୟ ମହାନ୍ତି, ପିତା: ଶ୍ୟାମ ମହାନ୍ତି, ଗ୍ରା/ପୋ.ଅ.-ବାଙ୍କୁଆଁ, ଜି-ନୟାଗଡ	20.700
284/11	ମୃତ୍ୟୁଞ୍ଜୟ ଦାସ, ପିତା: ବିଦ୍ୟାଧର ଦାସ, ଗ୍ରାମ-କୋଲା, ଜି-ନୟାଗଡ	26.800
314/11	ପ୍ରଭାକର ସାହୁ, ପିତା: ଗୌରହରି ସାହୁ, ଗ୍ରାମ-ଗୋପାଳପୁର, ଜି-ନୟାଗଡ	63.000
190/11	ଅକ୍ଷୟ ଚନ୍ଦ୍ର ପାତ୍ର, ପିତା: ନରହରି ପାତ୍ର, ଗ୍ରା/ପୋ.ଅ.-ଗୋପାଳପୁର, ଜି-ନୟାଗଡ	26.000
205/11	କମଳେଶ ବେହେରା, ପିତା: କାର୍ତ୍ତିକ ବେହେରା, ଗ୍ରା/ପୋ.ଅ.-ଗୋପାଳପୁର, ଜି-ନୟାଗଡ	37.000
249/11	ଗିରିଧାରୀ ସାହୁ, ପିତା: ଅନନ୍ତ ସାହୁ, ଗ୍ରା/ପୋ.ଅ.-କଣ୍ଟିଲୋ, ଜି-ନୟାଗଡ	70.000
ଋଣ ଆକାଉଣ୍ଟ ନଂ.	ସୁନା ଋଣଗ୍ରହୀତାଙ୍କ ନାମ ଓ ଠିକଣା	ମୋଟ ଓଜନ ଗ୍ରାମ
ଜଟଣୀ ଶାଖା, ନିଲାମ ସ୍ଥାନ-ଆଞ୍ଚଳିକ କାର୍ଯ୍ୟାଳୟ,
ଖୋର୍ଦ୍ଧା, ତା.୦୨.୦୪.୧୬ (ଶନିବାର), ସମୟ-ଦିବା ଘ.୧୨.୦୦ଟିକା
320400041	ରମେଶ ଚନ୍ଦ୍ର ସାହୁ, ଗ୍ରାମ/ପୋ.ଅ.-ଜଟଣୀ, ଜି-ଖୋର୍ଦ୍ଧା	16.000
320600023	ସ୍ୱାମୀ ପାଣ୍ଡୁ, ଗ୍ରାମ-ଶଙ୍କରପୁର, ଜି-ଖୋର୍ଦ୍ଧା	4.500
320600612	ଅବଦୁଲ ହମିଦ ଖାନ, ଗ୍ରାମ/ପୋ.ଅ.-ଜଟଣୀ, ଜି-ଖୋର୍ଦ୍ଧା	19.000
320600760	ମନୋଜ କୁମାର ମୁଦୁଲୀ, ଗ୍ରା/ପୋ.ଅ.-ଜଟଣୀ, ଜି-ଖୋର୍ଦ୍ଧା	104.000
320600776	ମନୋଜ କୁମାର ମୁଦୁଲୀ, ଗ୍ରା/ପୋ.ଅ.-ଜଟଣୀ, ଜି-ଖୋର୍ଦ୍ଧା	156.000
320700211	ମନୋଜ କୁମାର ମୁଦୁଲୀ, ଗ୍ରା/ପୋ.ଅ.-ଜଟଣୀ, ଜି-ଖୋର୍ଦ୍ଧା	13.000
320700168	ଦୁଷ୍ମନ୍ତ କୁମାର ପଟ୍ଟନାୟକ, ଗ୍ରା/ପୋ.ଅ.-ଜଟଣୀ, ଜି-ଖୋର୍ଦ୍ଧା	20.000
320701268	ବିଜୟ ରାଉତ, ଗ୍ରାମ-ରାଣାପଡ଼ା, ଜି-ଖୋର୍ଦ୍ଧା	34.000
320800511	ରାଧାମଣି ଦାସ, ଗ୍ରାମ/ପୋ.ଅ.-ଜଟଣୀ, ଜି-ଖୋର୍ଦ୍ଧା	15.500
320800381	ଭାଗ୍ୟମଣି ଦାସ, ଗ୍ରାମ-କୁଣ୍ଡାପଡ଼ା, ଜି-ଖୋର୍ଦ୍ଧା	10.000
320800585	ରଞ୍ଜିତା ସାହୁ, ଗ୍ରାମ/ପୋ.ଅ.-ଜଟଣୀ, ଜି-ଖୋର୍ଦ୍ଧା	16.500
320800687	ଜୟଦେବ ରାଉତ, ଗ୍ରାମ-ଶଙ୍କରପୁର, ଜି-ଖୋର୍ଦ୍ଧା	16.500
320901274	ବୈଦେହୀ ସାହୁ, ଗ୍ରାମ/ପୋ.ଅ.-ଜଟଣୀ, ଜି-ଖୋର୍ଦ୍ଧା	16.000
320800743	ସୁବାସ କୁମାର ଶର୍ମା, ଜଟଣୀ, ଜି-ଖୋର୍ଦ୍ଧା	11.500
320900005	ନୀଳମାଧବ ପରିଡ଼ା, ଗ୍ରାମ-ରାଣାପଡ଼ା, ଜି-ଖୋର୍ଦ୍ଧା	45.000
320900108	ଲକ୍ଷ୍ମୀକାନ୍ତ ସାହୁ, ଜଟଣୀ, ଜି-ଖୋର୍ଦ୍ଧା	16.000
320900313	ଗୌତମ ବେହେରା, ଗ୍ରାମ/ପୋ.ଅ.-ଜଟଣୀ, ଜି-ଖୋର୍ଦ୍ଧା	20.000
320900421	ଭାଗିରଥି ମହାନ୍ତି, ଗ୍ରାମ-ପୁରୁଷୋତ୍ତମପୁର, ଜି-ଖୋର୍ଦ୍ଧା	19.000
320900489	ବନମାଳୀ ଦାସ, ଗ୍ରାମ/ପୋ.ଅ.-ଜଟଣୀ, ଜି-ଖୋର୍ଦ୍ଧା	28.500
320900514	ଯୋଗେଶ୍ୱର ସାହୁ, ଗ୍ରାମ-ଶଙ୍କରପୁର, ଜି-ଖୋର୍ଦ୍ଧା	15.000
320900618	ପ୍ରଭାତ ବେହେରା, ଗ୍ରାମ-ବଡ଼ଗାଁ, ଜି-ଖୋର୍ଦ୍ଧା	13.200
320900674	ବନମାଳୀ ସାହୁ, ଗ୍ରାମ/ପୋ.ଅ.-ଜଟଣୀ, ଜି-ଖୋର୍ଦ୍ଧା	11.500
320900772	ଅମିତ ଦେହୁରୀ, ଗ୍ରାମ-ଜଟଣୀ, ଜି-ଖୋର୍ଦ୍ଧା	15.000
320900787	ଜନ୍ମେଜୟ ଦାସ, ଗ୍ରାମ-ଜଟଣୀ, ଜି-ଖୋର୍ଦ୍ଧା	8.300
320900952	କିଶୋର କୁମାର ସାହୁ, ଗ୍ରାମ/ପୋ.ଅ.-ଜଟଣୀ, ଜି-ଖୋର୍ଦ୍ଧା	12.500
320901042	ରାମ ଚନ୍ଦ୍ର ଦାସ, ଗ୍ରାମ-ଶଙ୍କରପୁର, ଜି-ଖୋର୍ଦ୍ଧା	8.500
320901246	ରାଜେନ୍ଦ୍ର ରାଉତ, ଗ୍ରାମ-କୁଣ୍ଡାପଡ଼ା, ଜି-ଖୋର୍ଦ୍ଧା	18.000
320901272	ସୋଭା ଦାସ, ଗ୍ରାମ/ପୋ.ଅ.-ଜଟଣୀ, ଜି-ଖୋର୍ଦ୍ଧା	16.000
ଋଣ ଆକାଉଣ୍ଟ ନଂ.	ସୁନା ଋଣଗ୍ରହୀତାଙ୍କ ନାମ ଓ ଠିକଣା	ମୋଟ ଓଜନ ଗ୍ରାମ
କରକଟ ଶାଖା, ନିଲାମ ସ୍ଥାନ-ଆଞ୍ଚଳିକ କାର୍ଯ୍ୟାଳୟ,
ଖୋର୍ଦ୍ଧା, ତା.୦୨.୦୪.୧୬ (ଶନିବାର), ସମୟ-ଦିବା ଘ.୧୨.୦୦ଟିକା
21000115	ସୁବାସ ବେହେରା, ପିତା: ଗୋକୁଳ ବେହେରା, ଗ୍ରାମ-କରକଟ, ଜି-ନୟାଗଡ	10.800
21000388	ସୁରେନ୍ଦ୍ର ନାଥ ଷଡ଼ଙ୍ଗୀ, ଗ୍ରାମ-କରକଟ, ଜି-ନୟାଗଡ	16.000
21000401	ବିଭୂତି ଭୂଷଣ ରାଉତ, ଗ୍ରା/ପୋ.ଅ.-କରକଟ, ଜି-ନୟାଗଡ	9.700
21000429	ବସନ୍ତ କୁମାର ପ୍ରଧାନ, ଗ୍ରାମ-କରକଟ, ଜି-ନୟାଗଡ	16.000
21100020	ସୁଦେବ ଦାସ, ପିତା: ବନମାଳୀ ଦାସ, ଗ୍ରାମ-କରକଟ, ଜି-ନୟାଗଡ	18.000
21100124	ଗୌତମ ରାଉତ, ପିତା: ନିଳାଦ୍ରି ରାଉତ, ଗ୍ରାମ-ମାଳିସାହି, ଜି-ନୟାଗଡ	13.000
21100140	ରାଜ କୃଷ୍ଣ ବେହେରା, ପିତା: ରାମ ବେହେରା, ଗ୍ରାମ-କରକଟ, ଜି-ନୟାଗଡ	18.000
21100161	ପ୍ରମୋଦ ରାଉତ, ପିତା: ନରସିଂହ ରାଉତ, ଗ୍ରାମ-ଦିଗିପଡ଼ିଆ, ଜି-ନୟାଗଡ	22.500
21100179	ସୁଭାଷ ଦାସ, ପିତା: ଗୋପୀ ଦାସ, ଗ୍ରାମ-କରକଟ, ଜି-ନୟାଗଡ	18.000
21100207	ଦୁର୍ଗା ପ୍ରସାଦ ରାଉତ, ପିତା: ବାଳକୃଷ୍ଣ ରାଉତ, ଗ୍ରାମ-କରକଟ, ଜି-ନୟାଗଡ	15.400
21100299	ଦୀପକ ରାଉତ, ପିତା: ଗଦାଧର ରାଉତ, ଗ୍ରାମ-କରକଟ, ଜି-ନୟାଗଡ	12.300
21100331	ଶ୍ରୀକାନ୍ତ ପ୍ରଧାନ, ଗ୍ରାମ-ନରସିଂହପୁର, ଜି-ନୟାଗଡ	15.500
21100360	ବିଶ୍ୱଜିତ ମହାନ୍ତି, ପିତା: ସୁଧାକର ମହାନ୍ତି, ଗ୍ରାମ-କରକଟ, ଜି-ନୟାଗଡ	16.000
21100383	ଦୁର୍ଗା ପ୍ରଧାନ, ପିତା: ଗୋପୀନାଥ ପ୍ରଧାନ, ଗ୍ରାମ-କରକଟ, ଜି-ନୟାଗଡ	15.200
21100441	ଲକ୍ଷ୍ମୀ ବେହେରା, ପିତା: ଅନନ୍ତ ବେହେରା, ଗ୍ରାମ-ମାଳିସାହି, ଜି-ନୟାଗଡ	8.200
21100447	ସତ୍ୟବ୍ରତ ନାୟକ, ପିତା: ଭରତ ନାୟକ, ଗ୍ରାମ-କରକଟ, ଜି-ନୟାଗଡ	13.200
21100463	ସୁରେଶ ରାଉତ, ପିତା: ଦୀନବନ୍ଧୁ ରାଉତ, ଗ୍ରାମ-କରକଟ, ଜି-ନୟାଗଡ	5.700
21100469	ମନୋରଞ୍ଜନ ବେହେରା, ପିତା: କୃଷ୍ଣ ବେହେରା, ଗ୍ରାମ-କରକଟ, ଜି-ନୟାଗଡ	15.000
21100500	ସତ୍ୟବାଦୀ ରାଉତ, ପିତା: ଗୋବିନ୍ଦ ରାଉତ, ଗ୍ରାମ-କରକଟ, ଜି-ନୟାଗଡ	5.400
21101147	ରଶ୍ମିତା ନାୟକ, ପିତା: ଲୋକନାଥ ନାୟକ, ଗ୍ରାମ-କରକଟ, ଜି-ନୟାଗଡ	12.400
21101149	ପ୍ରଭାତୀ ମହାନ୍ତି, ପିତା: ଶ୍ରୀଧର ମହାନ୍ତି, ଗ୍ରାମ-ମାଳିସାହି, ଜି-ନୟାଗଡ	37.410
21100464	ସୁମିତ୍ରା ରାଉତ, ପିତା: ନିଳାଦ୍ରି ରାଉତ, ଗ୍ରାମ-କରକଟ, ଜି-ନୟାଗଡ	15.200
ଋଣ ଆକାଉଣ୍ଟ ନଂ.	ସୁନା ଋଣଗ୍ରହୀତାଙ୍କ ନାମ ଓ ଠିକଣା	ମୋଟ ଓଜନ ଗ୍ରାମ
ନିଲାମ ସ୍ଥାନ-କିଶୋରନଗର ଶାଖା, ତା.୦୪.୦୪.୧୬(ସୋମବାର), ସମୟ-ଦିବା ଘ.୧୨.୦୦ଟିକା
321100012	ମାଧବ କୁମାର ସାହୁ, ପିତା: ଦୀନ ସାହୁ, ଗ୍ରାମ-ଗୋଡ଼ାପାଲି, ଜି-କିଶୋରନଗର	23.000
321100083	ବିଭୂତି ଭୂଷଣ ବେହେରା, ଗ୍ରାମ-ମଙ୍ଗଳପୁର, ଜି-କିଶୋରନଗର	15.000
321100090	ଅନୀଲ କୁମାର ଦାସ, ପିତା: ଗୌରହରି ଦାସ, ଗ୍ରାମ-କିଶୋରନଗର	21.100
321100096	ପ୍ରଭାତ କୁମାର ବେହେରା, ଗ୍ରାମ-ଦିଗିପଡ଼ିଆ, ଜି-କିଶୋରନଗର	12.200
321100110	ପ୍ରଭାତ କୁମାର ବେହେରା, ଗ୍ରାମ-ଦିଗିପଡ଼ିଆ, ଜି-କିଶୋରନଗର	91.000
321100134	ବିଜୟ କୁମାର ସାହୁ, ଗ୍ରାମ-ରାଉତପଡ଼ା, ଜି-କିଶୋରନଗର	12.200
321200031	ବିଶ୍ୱନାଥ ରାଉତ, ପିତା: ନରସିଂହ ରାଉତ, ଗ୍ରାମ-କିଶୋରନଗର	68.000
321200052	ପ୍ରଶାନ୍ତ ରାଉତ, ପିତା: ସୁବାସ ରାଉତ, ଗ୍ରାମ-କିଶୋରନଗର	19.200
321200062	ବିଶ୍ୱଜିତ ସାହୁ, ପିତା: ଗୋପାଳ ସାହୁ, ଗ୍ରାମ-କିଶୋରନଗର	20.500
321200064	ବିଭୂତି ଭୂଷଣ ସାହୁ, ପିତା: ନିଳାଦ୍ରି ସାହୁ, ଗ୍ରାମ-କିଶୋରନଗର	30.500
321200074	ଅନୁପ ବେହେରା, ପିତା: ବିଶ୍ୱନାଥ ବେହେରା, ଗ୍ରାମ-କିଶୋରନଗର	22.400
321200079	ସଞ୍ଜୟ କୁମାର ପ୍ରଧାନ, ପିତା: ଦୀନବନ୍ଧୁ ପ୍ରଧାନ, ଗ୍ରାମ-କିଶୋରନଗର	15.000
321200126	ଦୀପକ ଦାସ, ପିତା: ଗୋବିନ୍ଦ ଦାସ, ଗ୍ରାମ-କିଶୋରନଗର	25.000
321200146	ଅଶୋକ ରାଉତ, ପିତା: ଗୌରହରି ରାଉତ, ଗ୍ରାମ-କିଶୋରନଗର	26.000
321200171	ପ୍ରଦୀପ କୁମାର ବେହେରା, ପିତା: ଦୟାନିଧି ବେହେରା, ଗ୍ରାମ-କିଶୋରନଗର	12.000
321200189	ରଞ୍ଜିତ ବେହେରା, ପିତା: ଗୋବିନ୍ଦ ବେହେରା, ଗ୍ରାମ-ଦେଓଗଡ଼ା, ଜି-କିଶୋରନଗର	30.500
321200199	ବିଶ୍ୱଜିତ ରାଉତ, ପିତା: ରାମ ରାଉତ, ଗ୍ରାମ-କିଶୋରନଗର	20.300
321200222	ପ୍ରଦୀପ ମହାନ୍ତି, ପିତା: କୃଷ୍ଣ ମହାନ୍ତି, ଗ୍ରାମ-କିଶୋରନଗର	26.800
321200225	ବିଶ୍ୱନାଥ ସାହୁ, ପିତା: ସୁଧାକର ସାହୁ, ଗ୍ରାମ-କିଶୋରନଗର	20.900
321200236	ଦୀପକ କୁମାର ସାହୁ, ପିତା: ଅନନ୍ତ ସାହୁ, ଗ୍ରାମ-କିଶୋରନଗର	30.500
321200238	ଅଯୋଧ୍ୟା ରାଉତ, ପିତା: ରାମଚନ୍ଦ୍ର ରାଉତ, ଗ୍ରାମ-ପରିହିଲା, ଜି-କିଶୋରନଗର	20.000
321200244	ଲକ୍ଷ୍ମୀ ନାରାୟଣ ସାହୁ, ପିତା: ଦୀନବନ୍ଧୁ ସାହୁ, ଗ୍ରାମ-କିଶୋରନଗର	74.000
321200246	ଜଗନ୍ନାଥ ରାଉତ, ପିତା: ଗୋବିନ୍ଦ ରାଉତ, ଗ୍ରାମ-କିଶୋରନଗର	12.200
P&A Advertising Agency Pvt. Ltd. #9238050515
